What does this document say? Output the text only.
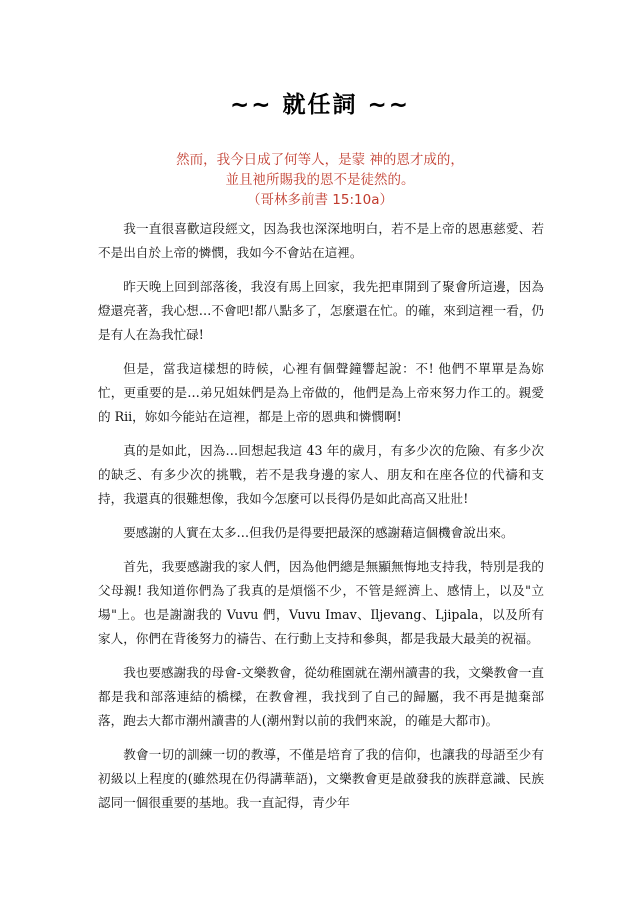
~~ 就任詞 ~~
然而，我今日成了何等人，是蒙 神的恩才成的，
並且祂所賜我的恩不是徒然的。
（哥林多前書 15:10a）

我一直很喜歡這段經文，因為我也深深地明白，若不是上帝的恩惠慈愛、若不是出自於上帝的憐憫，我如今不會站在這裡。

昨天晚上回到部落後，我沒有馬上回家，我先把車開到了聚會所這邊，因為燈還亮著，我心想…不會吧!都八點多了，怎麼還在忙。的確，來到這裡一看，仍是有人在為我忙碌!

但是，當我這樣想的時候，心裡有個聲鐘響起說：不! 他們不單單是為妳忙，更重要的是…弟兄姐妹們是為上帝做的，他們是為上帝來努力作工的。親愛的 Rii，妳如今能站在這裡，都是上帝的恩典和憐憫啊!

真的是如此，因為…回想起我這 43 年的歲月，有多少次的危險、有多少次的缺乏、有多少次的挑戰，若不是我身邊的家人、朋友和在座各位的代禱和支持，我還真的很難想像，我如今怎麼可以長得仍是如此高高又壯壯!

要感謝的人實在太多…但我仍是得要把最深的感謝藉這個機會說出來。

首先，我要感謝我的家人們，因為他們總是無顯無悔地支持我，特別是我的父母親! 我知道你們為了我真的是煩惱不少，不管是經濟上、感情上，以及"立場"上。也是謝謝我的 Vuvu 們，Vuvu Imav、Iljevang、Ljipala，以及所有家人，你們在背後努力的禱告、在行動上支持和參與，都是我最大最美的祝福。

我也要感謝我的母會-文樂教會，從幼稚園就在潮州讀書的我，文樂教會一直都是我和部落連結的橋樑，在教會裡，我找到了自己的歸屬，我不再是拋棄部落，跑去大都市潮州讀書的人(潮州對以前的我們來說，的確是大都市)。

教會一切的訓練一切的教導，不僅是培育了我的信仰，也讓我的母語至少有初級以上程度的(雖然現在仍得講華語)，文樂教會更是啟發我的族群意識、民族認同一個很重要的基地。我一直記得，青少年
